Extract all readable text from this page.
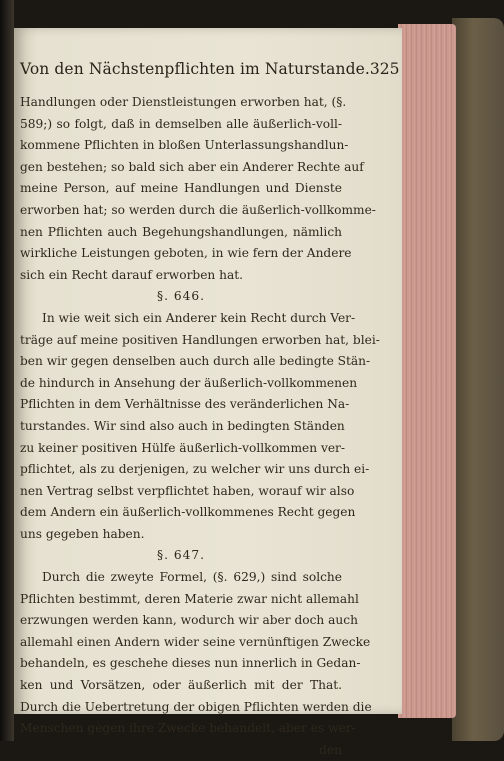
Von den Nächstenpflichten im Naturstande. 325
Handlungen oder Dienstleistungen erworben hat, (§.
589;) so folgt, daß in demselben alle äußerlich-voll-
kommene Pflichten in bloßen Unterlassungshandlun-
gen bestehen; so bald sich aber ein Anderer Rechte auf
meine Person, auf meine Handlungen und Dienste
erworben hat; so werden durch die äußerlich-vollkomme-
nen Pflichten auch Begehungshandlungen, nämlich
wirkliche Leistungen geboten, in wie fern der Andere
sich ein Recht darauf erworben hat.
§. 646.
In wie weit sich ein Anderer kein Recht durch Ver-
träge auf meine positiven Handlungen erworben hat, blei-
ben wir gegen denselben auch durch alle bedingte Stän-
de hindurch in Ansehung der äußerlich-vollkommenen
Pflichten in dem Verhältnisse des veränderlichen Na-
turstandes. Wir sind also auch in bedingten Ständen
zu keiner positiven Hülfe äußerlich-vollkommen ver-
pflichtet, als zu derjenigen, zu welcher wir uns durch ei-
nen Vertrag selbst verpflichtet haben, worauf wir also
dem Andern ein äußerlich-vollkommenes Recht gegen
uns gegeben haben.
§. 647.
Durch die zweyte Formel, (§. 629,) sind solche
Pflichten bestimmt, deren Materie zwar nicht allemahl
erzwungen werden kann, wodurch wir aber doch auch
allemahl einen Andern wider seine vernünftigen Zwecke
behandeln, es geschehe dieses nun innerlich in Gedan-
ken und Vorsätzen, oder äußerlich mit der That.
Durch die Uebertretung der obigen Pflichten werden die
Menschen gegen ihre Zwecke behandelt, aber es wer-
den
